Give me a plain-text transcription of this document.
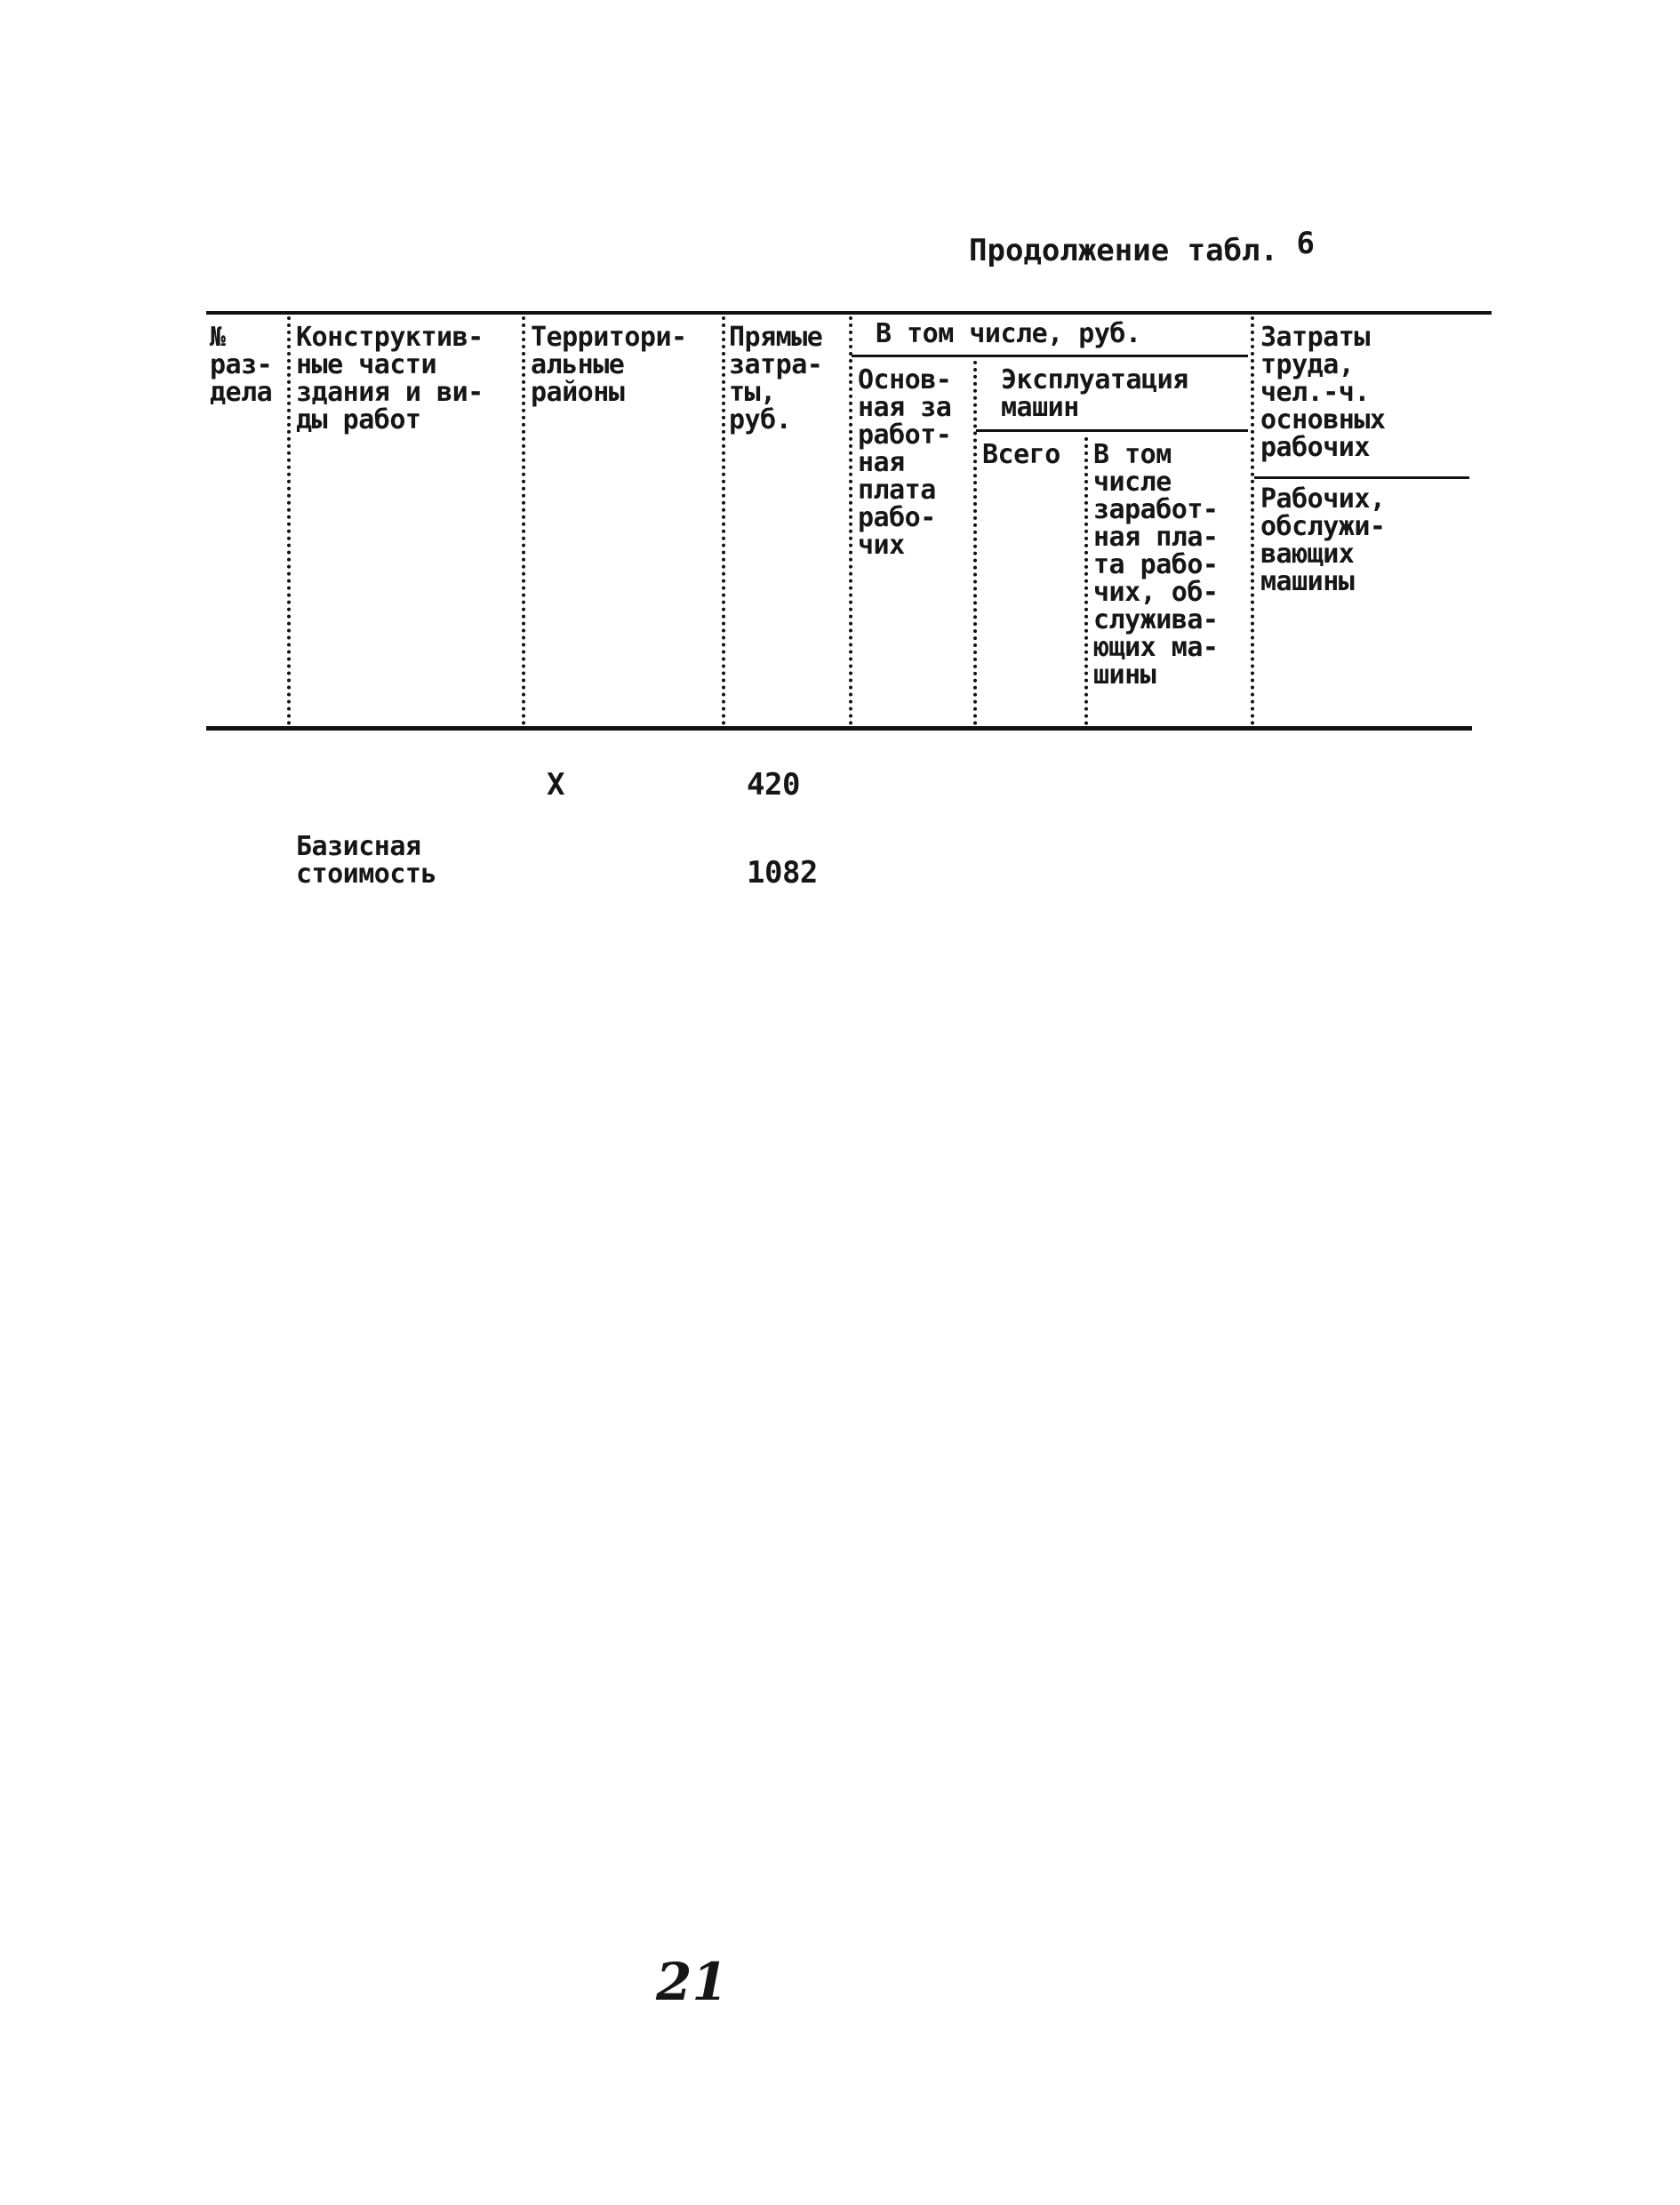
Продолжение табл. 6
№
раз-
дела
Конструктив-
ные части
здания и ви-
ды работ
Территори-
альные
районы
Прямые
затра-
ты,
руб.
В том числе, руб.
Основ-
ная за
работ-
ная
плата
рабо-
чих
Эксплуатация
машин
Всего В том
числе
заработ-
ная пла-
та рабо-
чих, об-
служива-
ющих ма-
шины
Затраты
труда,
чел.-ч.
основных
рабочих
Рабочих,
обслужи-
вающих
машины
X	420
Базисная
стоимость	1082
21
